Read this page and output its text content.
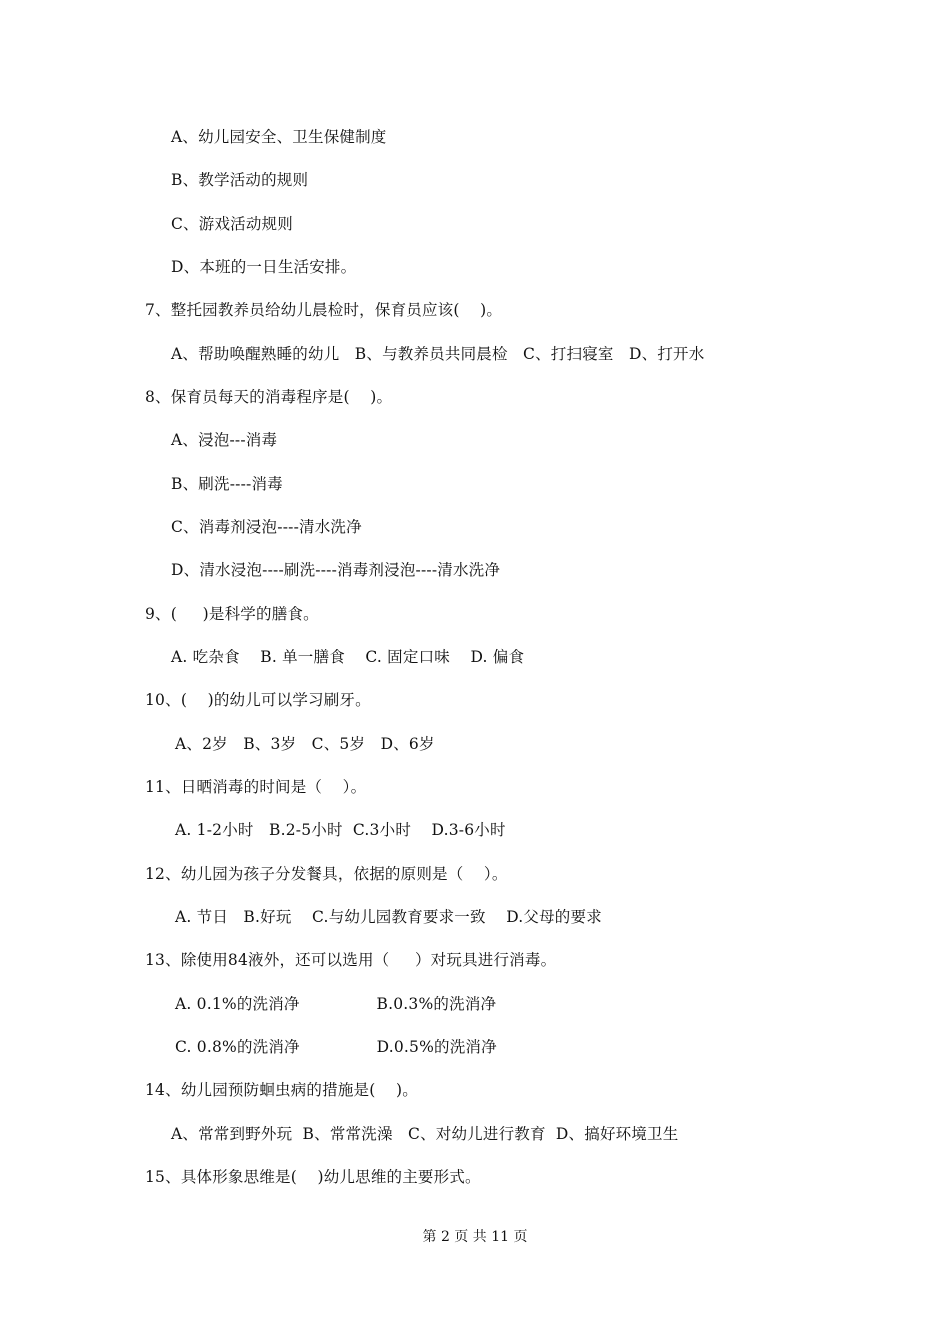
A、幼儿园安全、卫生保健制度
B、教学活动的规则
C、游戏活动规则
D、本班的一日生活安排。
7、整托园教养员给幼儿晨检时，保育员应该(    )。
A、帮助唤醒熟睡的幼儿   B、与教养员共同晨检   C、打扫寝室   D、打开水
8、保育员每天的消毒程序是(    )。
A、浸泡---消毒
B、刷洗----消毒
C、消毒剂浸泡----清水洗净
D、清水浸泡----刷洗----消毒剂浸泡----清水洗净
9、(     )是科学的膳食。
A. 吃杂食    B. 单一膳食    C. 固定口味    D. 偏食
10、(    )的幼儿可以学习刷牙。
A、2岁   B、3岁   C、5岁   D、6岁
11、日晒消毒的时间是（    ）。
A. 1-2小时   B.2-5小时  C.3小时    D.3-6小时
12、幼儿园为孩子分发餐具，依据的原则是（    ）。
A. 节日   B.好玩    C.与幼儿园教育要求一致    D.父母的要求
13、除使用84液外，还可以选用（     ）对玩具进行消毒。
A. 0.1%的洗消净               B.0.3%的洗消净
C. 0.8%的洗消净               D.0.5%的洗消净
14、幼儿园预防蛔虫病的措施是(    )。
A、常常到野外玩  B、常常洗澡   C、对幼儿进行教育  D、搞好环境卫生
15、具体形象思维是(    )幼儿思维的主要形式。
第 2 页 共 11 页
